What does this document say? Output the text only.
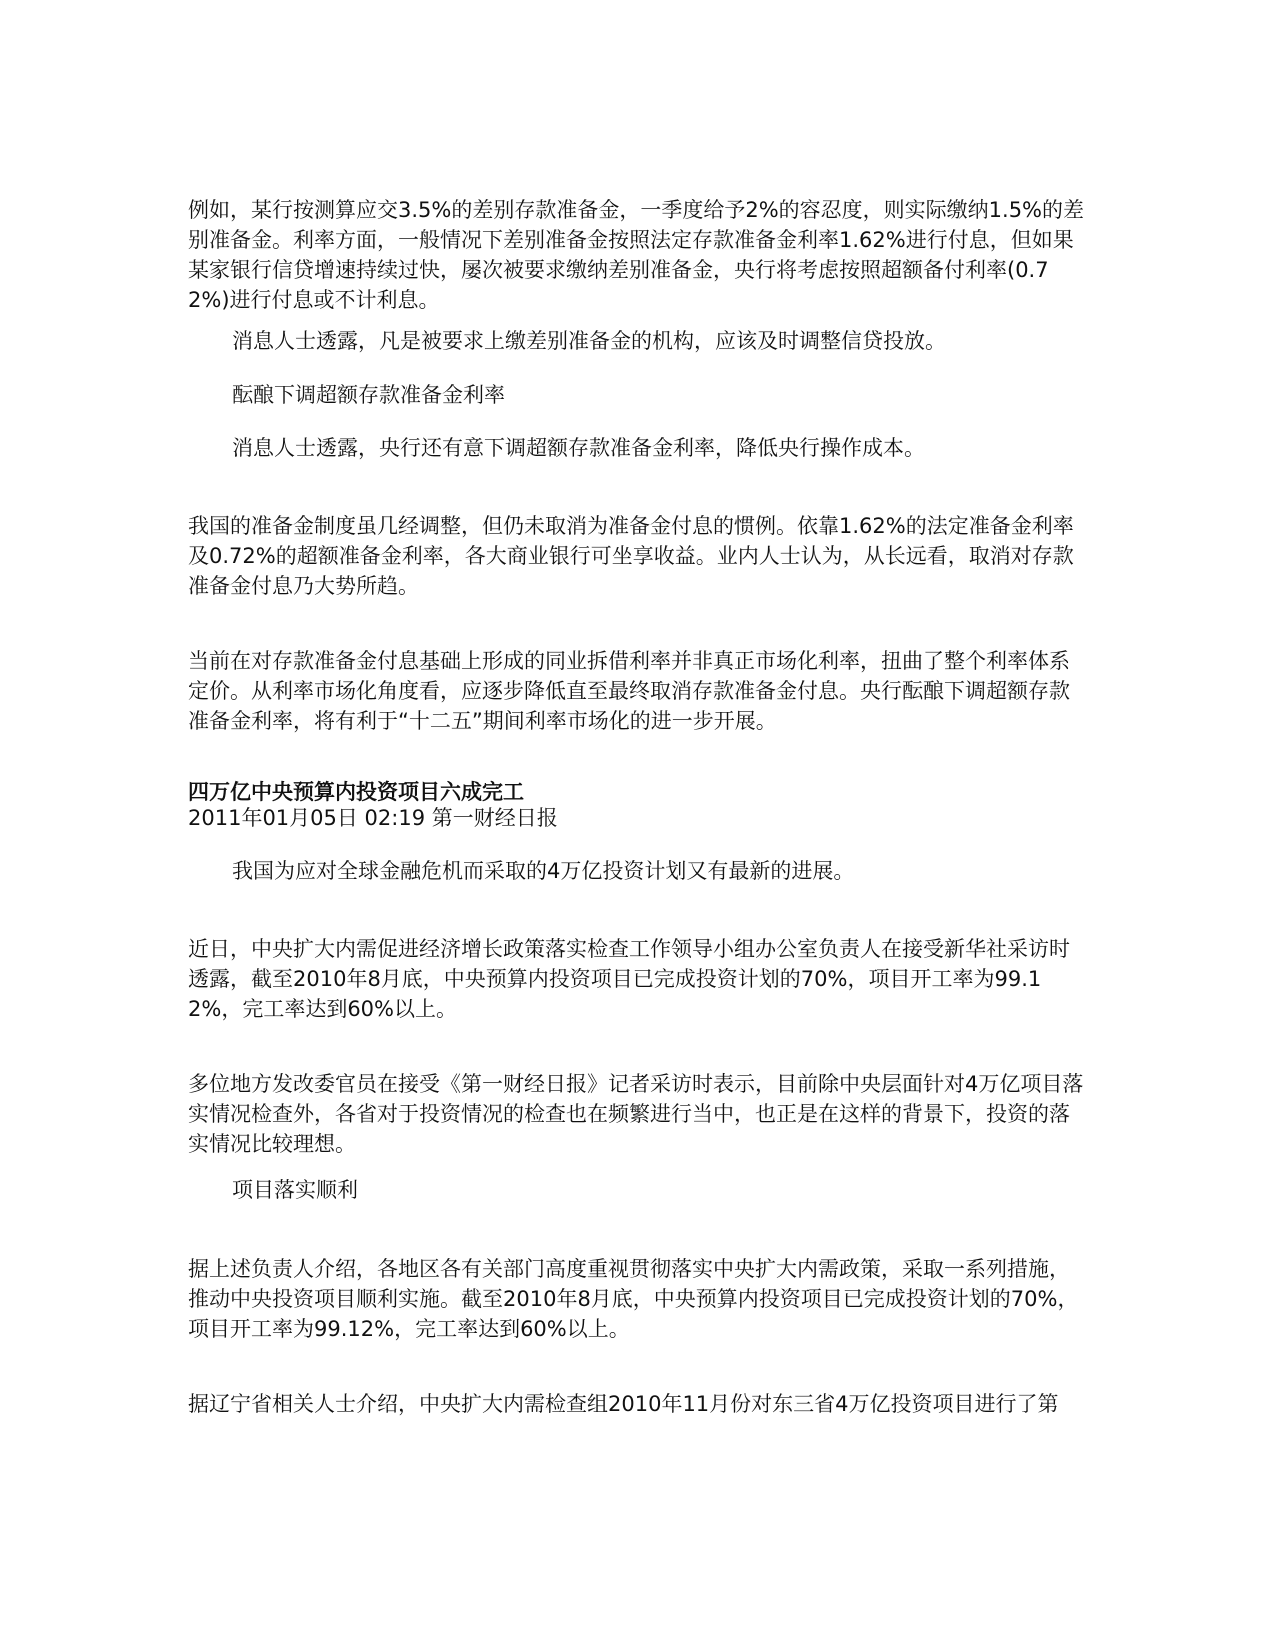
例如，某行按测算应交3.5%的差别存款准备金，一季度给予2%的容忍度，则实际缴纳1.5%的差别准备金。利率方面，一般情况下差别准备金按照法定存款准备金利率1.62%进行付息，但如果某家银行信贷增速持续过快，屡次被要求缴纳差别准备金，央行将考虑按照超额备付利率(0.72%)进行付息或不计利息。

消息人士透露，凡是被要求上缴差别准备金的机构，应该及时调整信贷投放。

酝酿下调超额存款准备金利率

消息人士透露，央行还有意下调超额存款准备金利率，降低央行操作成本。

我国的准备金制度虽几经调整，但仍未取消为准备金付息的惯例。依靠1.62%的法定准备金利率及0.72%的超额准备金利率，各大商业银行可坐享收益。业内人士认为，从长远看，取消对存款准备金付息乃大势所趋。

当前在对存款准备金付息基础上形成的同业拆借利率并非真正市场化利率，扭曲了整个利率体系定价。从利率市场化角度看，应逐步降低直至最终取消存款准备金付息。央行酝酿下调超额存款准备金利率，将有利于“十二五”期间利率市场化的进一步开展。

四万亿中央预算内投资项目六成完工

2011年01月05日 02:19 第一财经日报

我国为应对全球金融危机而采取的4万亿投资计划又有最新的进展。

近日，中央扩大内需促进经济增长政策落实检查工作领导小组办公室负责人在接受新华社采访时透露，截至2010年8月底，中央预算内投资项目已完成投资计划的70%，项目开工率为99.12%，完工率达到60%以上。

多位地方发改委官员在接受《第一财经日报》记者采访时表示，目前除中央层面针对4万亿项目落实情况检查外，各省对于投资情况的检查也在频繁进行当中，也正是在这样的背景下，投资的落实情况比较理想。

项目落实顺利

据上述负责人介绍，各地区各有关部门高度重视贯彻落实中央扩大内需政策，采取一系列措施，推动中央投资项目顺利实施。截至2010年8月底，中央预算内投资项目已完成投资计划的70%，项目开工率为99.12%，完工率达到60%以上。

据辽宁省相关人士介绍，中央扩大内需检查组2010年11月份对东三省4万亿投资项目进行了第
